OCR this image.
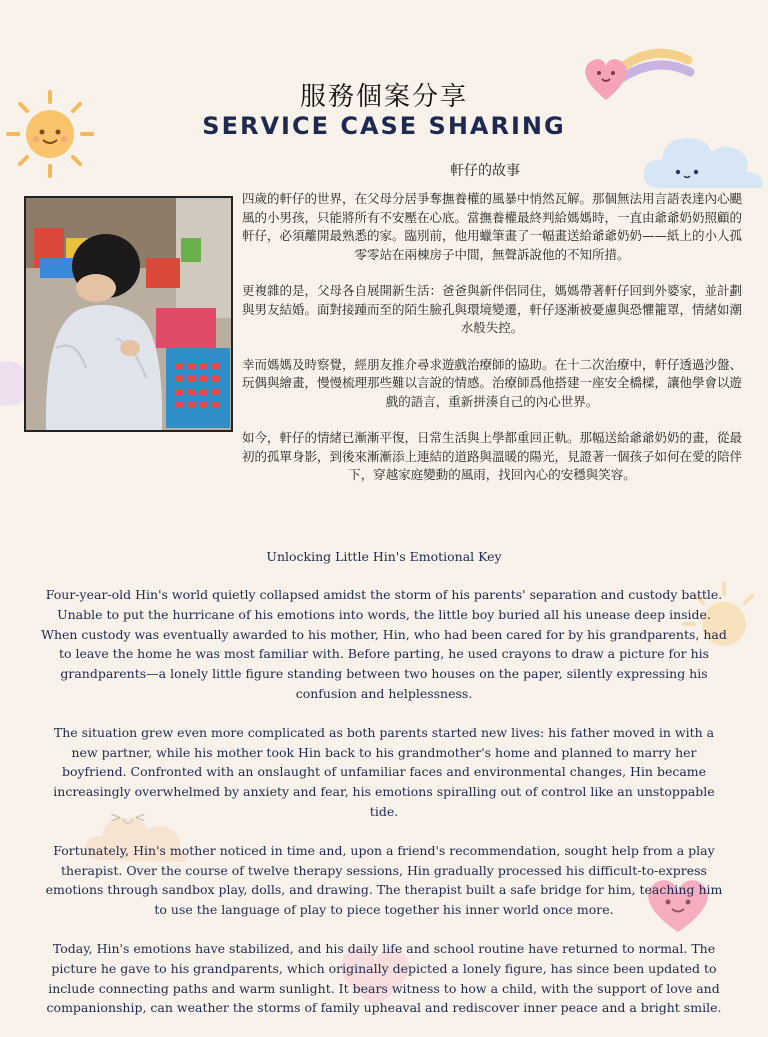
>◡<
服務個案分享
SERVICE CASE SHARING
軒仔的故事

四歲的軒仔的世界，在父母分居爭奪撫養權的風暴中悄然瓦解。那個無法用言語表達內心颶風的小男孩，只能將所有不安壓在心底。當撫養權最終判給媽媽時，一直由爺爺奶奶照顧的軒仔，必須離開最熟悉的家。臨別前，他用蠟筆畫了一幅畫送給爺爺奶奶——紙上的小人孤零零站在兩棟房子中間，無聲訴說他的不知所措。

更複雜的是，父母各自展開新生活：爸爸與新伴侶同住，媽媽帶著軒仔回到外婆家，並計劃與男友結婚。面對接踵而至的陌生臉孔與環境變遷，軒仔逐漸被憂慮與恐懼籠罩，情緒如潮水般失控。

幸而媽媽及時察覺，經朋友推介尋求遊戲治療師的協助。在十二次治療中，軒仔透過沙盤、玩偶與繪畫，慢慢梳理那些難以言說的情感。治療師爲他搭建一座安全橋樑，讓他學會以遊戲的語言，重新拼湊自己的內心世界。

如今，軒仔的情緒已漸漸平復，日常生活與上學都重回正軌。那幅送給爺爺奶奶的畫，從最初的孤單身影，到後來漸漸添上連結的道路與溫暖的陽光，見證著一個孩子如何在愛的陪伴下，穿越家庭變動的風雨，找回內心的安穩與笑容。

Unlocking Little Hin's Emotional Key

Four-year-old Hin's world quietly collapsed amidst the storm of his parents' separation and custody battle. Unable to put the hurricane of his emotions into words, the little boy buried all his unease deep inside. When custody was eventually awarded to his mother, Hin, who had been cared for by his grandparents, had to leave the home he was most familiar with. Before parting, he used crayons to draw a picture for his grandparents—a lonely little figure standing between two houses on the paper, silently expressing his confusion and helplessness.

The situation grew even more complicated as both parents started new lives: his father moved in with a new partner, while his mother took Hin back to his grandmother's home and planned to marry her boyfriend. Confronted with an onslaught of unfamiliar faces and environmental changes, Hin became increasingly overwhelmed by anxiety and fear, his emotions spiralling out of control like an unstoppable tide.

Fortunately, Hin's mother noticed in time and, upon a friend's recommendation, sought help from a play therapist. Over the course of twelve therapy sessions, Hin gradually processed his difficult-to-express emotions through sandbox play, dolls, and drawing. The therapist built a safe bridge for him, teaching him to use the language of play to piece together his inner world once more.

Today, Hin's emotions have stabilized, and his daily life and school routine have returned to normal. The picture he gave to his grandparents, which originally depicted a lonely figure, has since been updated to include connecting paths and warm sunlight. It bears witness to how a child, with the support of love and companionship, can weather the storms of family upheaval and rediscover inner peace and a bright smile.
